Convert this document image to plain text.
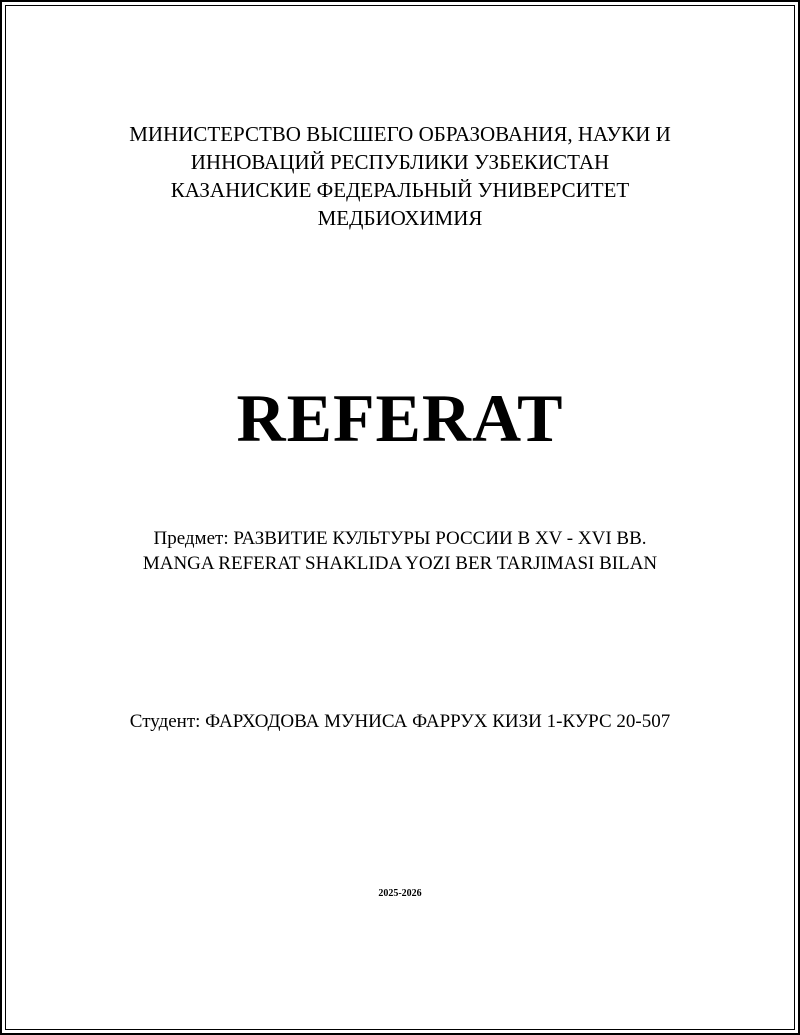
МИНИСТЕРСТВО ВЫСШЕГО ОБРАЗОВАНИЯ, НАУКИ И
ИННОВАЦИЙ РЕСПУБЛИКИ УЗБЕКИСТАН
КАЗАНИСКИЕ ФЕДЕРАЛЬНЫЙ УНИВЕРСИТЕТ
МЕДБИОХИМИЯ
REFERAT
Предмет: РАЗВИТИЕ КУЛЬТУРЫ РОССИИ В XV - XVI ВВ.
MANGA REFERAT SHAKLIDA YOZI BER TARJIMASI BILAN
Студент: ФАРХОДОВА МУНИСА ФАРРУХ КИЗИ 1-КУРС 20-507
2025-2026
